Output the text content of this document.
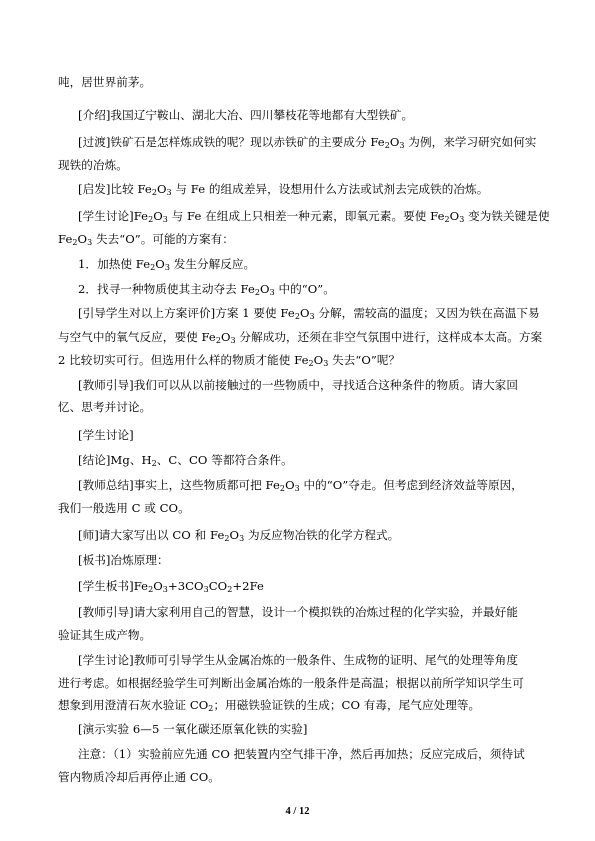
吨，居世界前茅。
[介绍]我国辽宁鞍山、湖北大冶、四川攀枝花等地都有大型铁矿。
[过渡]铁矿石是怎样炼成铁的呢？现以赤铁矿的主要成分 $Fe_2O_3$ 为例，来学习研究如何实
现铁的冶炼。
[启发]比较 $Fe_2O_3$ 与 Fe 的组成差异，设想用什么方法或试剂去完成铁的冶炼。
[学生讨论]$Fe_2O_3$ 与 Fe 在组成上只相差一种元素，即氧元素。要使 $Fe_2O_3$ 变为铁关键是使
$Fe_2O_3$ 失去“O”。可能的方案有：
1．加热使 $Fe_2O_3$ 发生分解反应。
2．找寻一种物质使其主动夺去 $Fe_2O_3$ 中的“O”。
[引导学生对以上方案评价]方案 1 要使 $Fe_2O_3$ 分解，需较高的温度；又因为铁在高温下易
与空气中的氧气反应，要使 $Fe_2O_3$ 分解成功，还须在非空气氛围中进行，这样成本太高。方案
2 比较切实可行。但选用什么样的物质才能使 $Fe_2O_3$ 失去“O”呢？
[教师引导]我们可以从以前接触过的一些物质中，寻找适合这种条件的物质。请大家回
忆、思考并讨论。
[学生讨论]
[结论]Mg、$H_2$、C、CO 等都符合条件。
[教师总结]事实上，这些物质都可把 $Fe_2O_3$ 中的“O”夺走。但考虑到经济效益等原因，
我们一般选用 C 或 CO。
[师]请大家写出以 CO 和 $Fe_2O_3$ 为反应物冶铁的化学方程式。
[板书]冶炼原理：
[学生板书]$Fe_2O_3+3CO_3CO_2+2Fe$
[教师引导]请大家利用自己的智慧，设计一个模拟铁的冶炼过程的化学实验，并最好能
验证其生成产物。
[学生讨论]教师可引导学生从金属冶炼的一般条件、生成物的证明、尾气的处理等角度
进行考虑。如根据经验学生可判断出金属冶炼的一般条件是高温；根据以前所学知识学生可
想象到用澄清石灰水验证 $CO_2$；用磁铁验证铁的生成；CO 有毒，尾气应处理等。
[演示实验 6—5 一氧化碳还原氧化铁的实验]
注意：（1）实验前应先通 CO 把装置内空气排干净，然后再加热；反应完成后，须待试
管内物质冷却后再停止通 CO。
4 / 12
